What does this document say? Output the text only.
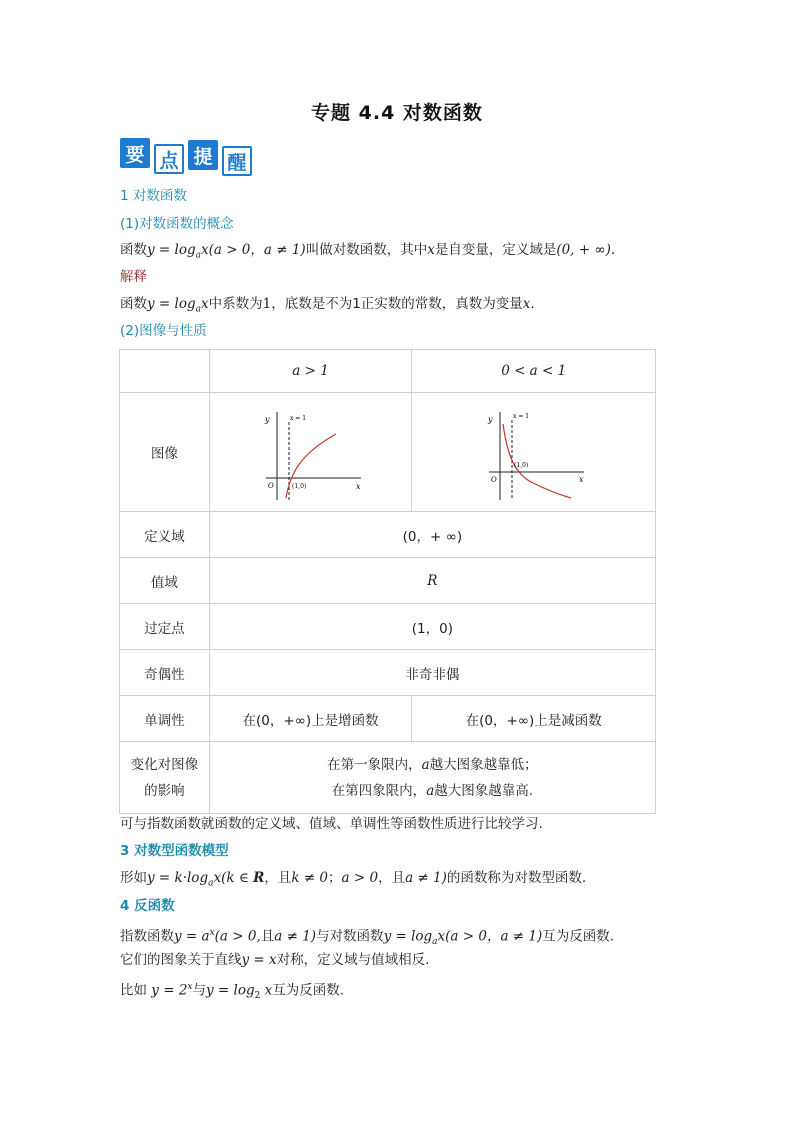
专题 4.4 对数函数
要 点 提 醒
1 对数函数
(1)对数函数的概念
函数$y = \log_ax(a > 0$，a ≠ 1)叫做对数函数，其中x是自变量，定义域是(0, + ∞).
解释
函数$y = \log_ax$中系数为1，底数是不为1正实数的常数，真数为变量x.
(2)图像与性质
	a > 1	0 < a < 1
图像	y
x
O
x = 1
(1,0)	y
x
O
x = 1
(1,0)

定义域	(0，+ ∞)	
值域	R	
过定点	(1，0)	
奇偶性	非奇非偶	
单调性	在(0，+∞)上是增函数	在(0，+∞)上是减函数
变化对图像
的影响	在第一象限内，a越大图象越靠低；
在第四象限内，a越大图象越靠高.	
可与指数函数就函数的定义域、值域、单调性等函数性质进行比较学习.
3 对数型函数模型
形如$y = k\cdot\log_ax(k$ ∈ R，且k ≠ 0；a > 0，且a ≠ 1)的函数称为对数型函数.
4 反函数
指数函数$y = a^x(a > 0$,且a ≠ 1)与对数函数$y = \log_ax(a > 0$，a ≠ 1)互为反函数.
它们的图象关于直线y = x对称，定义域与值域相反.
比如 $y = 2^x$与$y = \log_2 x$互为反函数.
